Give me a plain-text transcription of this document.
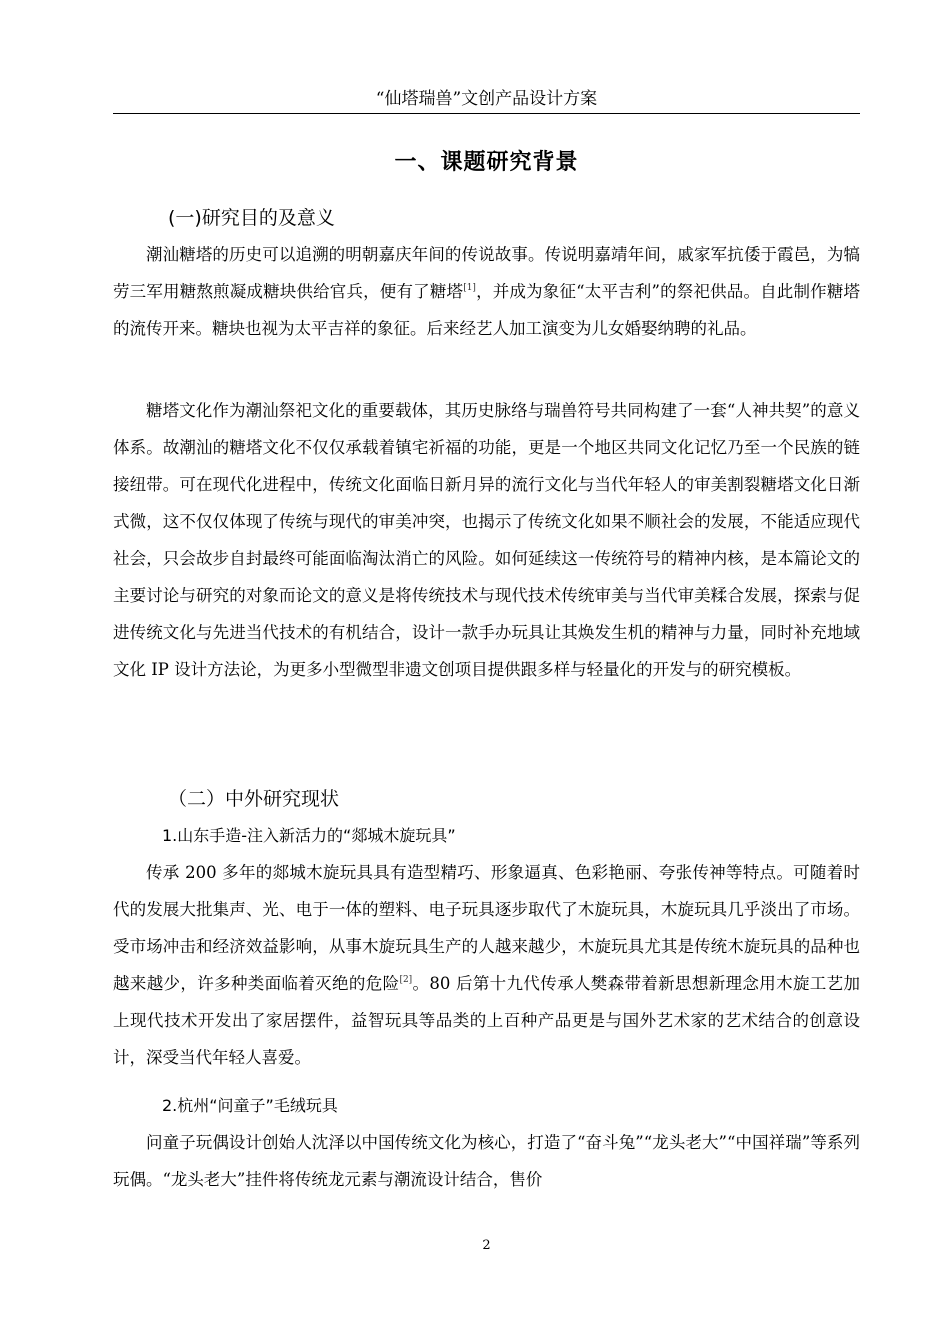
“仙塔瑞兽”文创产品设计方案
一、课题研究背景
(一)研究目的及意义
潮汕糖塔的历史可以追溯的明朝嘉庆年间的传说故事。传说明嘉靖年间，戚家军抗倭于霞邑，为犒劳三军用糖熬煎凝成糖块供给官兵，便有了糖塔[1]，并成为象征“太平吉利”的祭祀供品。自此制作糖塔的流传开来。糖块也视为太平吉祥的象征。后来经艺人加工演变为儿女婚娶纳聘的礼品。
糖塔文化作为潮汕祭祀文化的重要载体，其历史脉络与瑞兽符号共同构建了一套“人神共契”的意义体系。故潮汕的糖塔文化不仅仅承载着镇宅祈福的功能，更是一个地区共同文化记忆乃至一个民族的链接纽带。可在现代化进程中，传统文化面临日新月异的流行文化与当代年轻人的审美割裂糖塔文化日渐式微，这不仅仅体现了传统与现代的审美冲突，也揭示了传统文化如果不顺社会的发展，不能适应现代社会，只会故步自封最终可能面临淘汰消亡的风险。如何延续这一传统符号的精神内核，是本篇论文的主要讨论与研究的对象而论文的意义是将传统技术与现代技术传统审美与当代审美糅合发展，探索与促进传统文化与先进当代技术的有机结合，设计一款手办玩具让其焕发生机的精神与力量，同时补充地域文化 IP 设计方法论，为更多小型微型非遗文创项目提供跟多样与轻量化的开发与的研究模板。
（二）中外研究现状
1.山东手造-注入新活力的“郯城木旋玩具”
传承 200 多年的郯城木旋玩具具有造型精巧、形象逼真、色彩艳丽、夸张传神等特点。可随着时代的发展大批集声、光、电于一体的塑料、电子玩具逐步取代了木旋玩具，木旋玩具几乎淡出了市场。受市场冲击和经济效益影响，从事木旋玩具生产的人越来越少，木旋玩具尤其是传统木旋玩具的品种也越来越少，许多种类面临着灭绝的危险[2]。80 后第十九代传承人樊森带着新思想新理念用木旋工艺加上现代技术开发出了家居摆件，益智玩具等品类的上百种产品更是与国外艺术家的艺术结合的创意设计，深受当代年轻人喜爱。
2.杭州“问童子”毛绒玩具
问童子玩偶设计创始人沈泽以中国传统文化为核心，打造了“奋斗兔”“龙头老大”“中国祥瑞”等系列玩偶。“龙头老大”挂件将传统龙元素与潮流设计结合，售价
2
